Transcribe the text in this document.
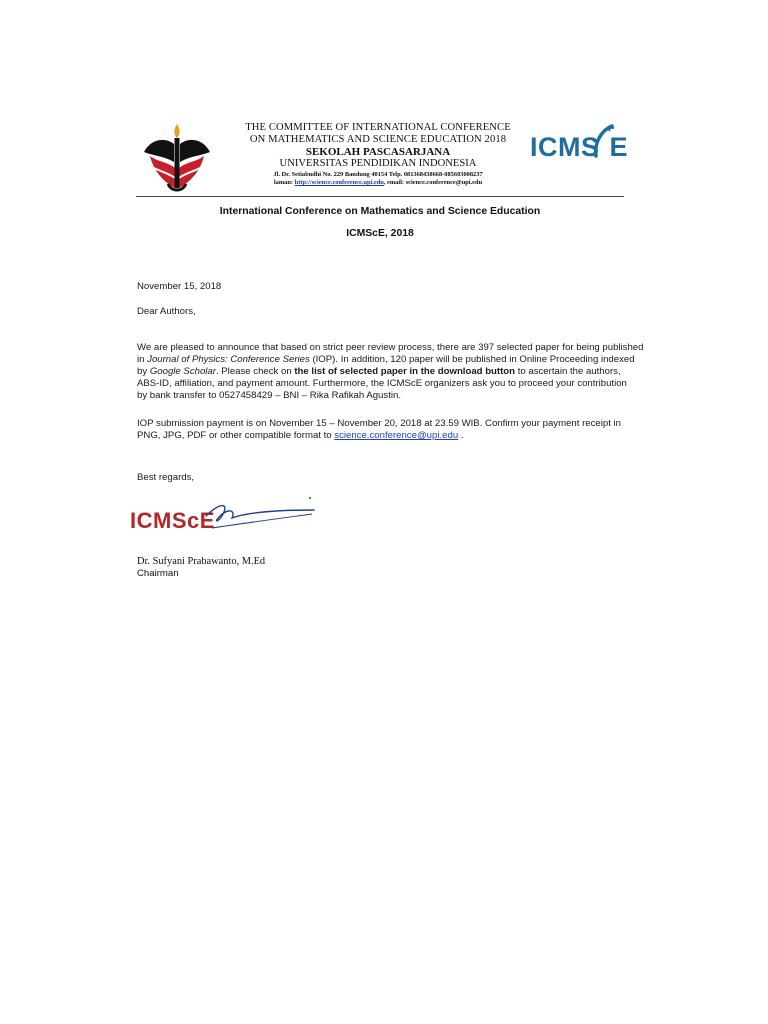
THE COMMITTEE OF INTERNATIONAL CONFERENCE
ON MATHEMATICS AND SCIENCE EDUCATION 2018
SEKOLAH PASCASARJANA
UNIVERSITAS PENDIDIKAN INDONESIA
Jl. Dr. Setiabudhi No. 229 Bandung 40154 Telp. 081368438668-085603008237
laman: http://science.conference.upi.edu, email: science.conference@upi.edu
ICMS E
International Conference on Mathematics and Science Education
ICMScE, 2018
November 15, 2018
Dear Authors,
We are pleased to announce that based on strict peer review process, there are 397 selected paper for being published
in Journal of Physics: Conference Series (IOP). In addition, 120 paper will be published in Online Proceeding indexed
by Google Scholar. Please check on the list of selected paper in the download button to ascertain the authors,
ABS-ID, affiliation, and payment amount. Furthermore, the ICMScE organizers ask you to proceed your contribution
by bank transfer to 0527458429 – BNI – Rika Rafikah Agustin.
IOP submission payment is on November 15 – November 20, 2018 at 23.59 WIB. Confirm your payment receipt in
PNG, JPG, PDF or other compatible format to science.conference@upi.edu .
Best regards,
ICMScE
Dr. Sufyani Prabawanto, M.Ed
Chairman
